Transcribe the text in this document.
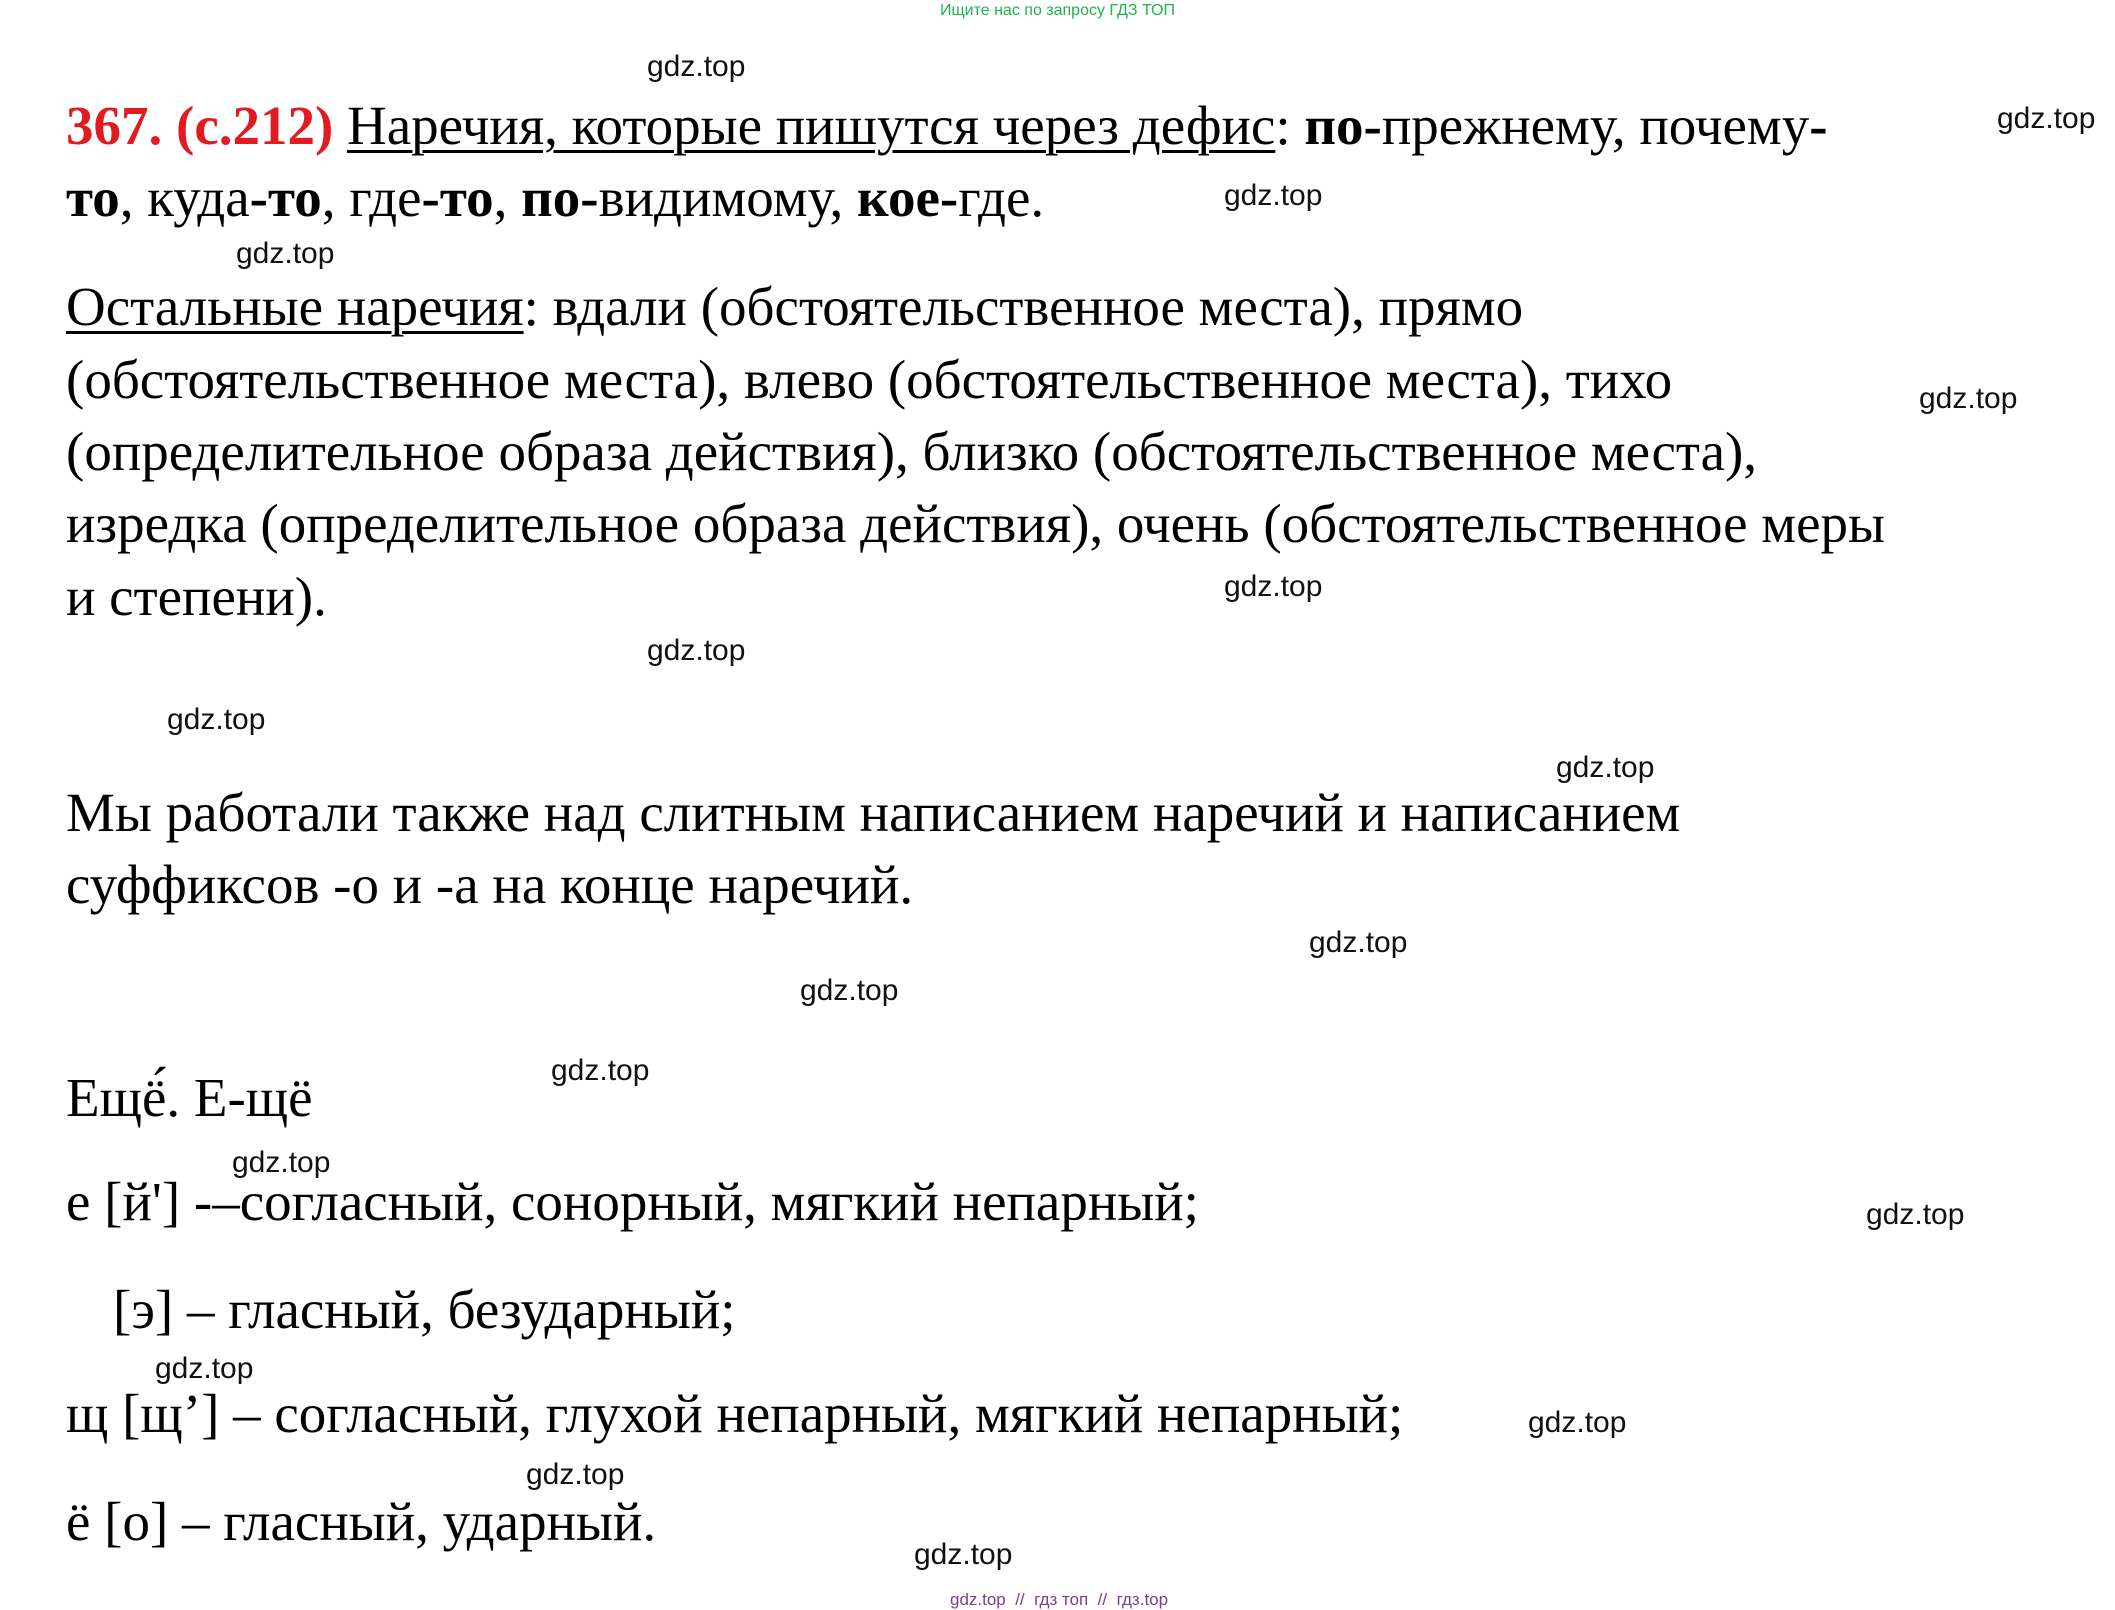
Ищите нас по запросу ГДЗ ТОП
367. (с.212) Наречия, которые пишутся через дефис: по-прежнему, почему-
то, куда-то, где-то, по-видимому, кое-где.
Остальные наречия: вдали (обстоятельственное места), прямо
(обстоятельственное места), влево (обстоятельственное места), тихо
(определительное образа действия), близко (обстоятельственное места),
изредка (определительное образа действия), очень (обстоятельственное меры
и степени).
Мы работали также над слитным написанием наречий и написанием
суффиксов -о и -а на конце наречий.
Ещё́. Е-щё
е [й'] -–согласный, сонорный, мягкий непарный;
[э] – гласный, безударный;
щ [щ’] – согласный, глухой непарный, мягкий непарный;
ё [о] – гласный, ударный.
gdz.top
gdz.top
gdz.top
gdz.top
gdz.top
gdz.top
gdz.top
gdz.top
gdz.top
gdz.top
gdz.top
gdz.top
gdz.top
gdz.top
gdz.top
gdz.top
gdz.top
gdz.top
gdz.top  //  гдз топ  //  гдз.top
